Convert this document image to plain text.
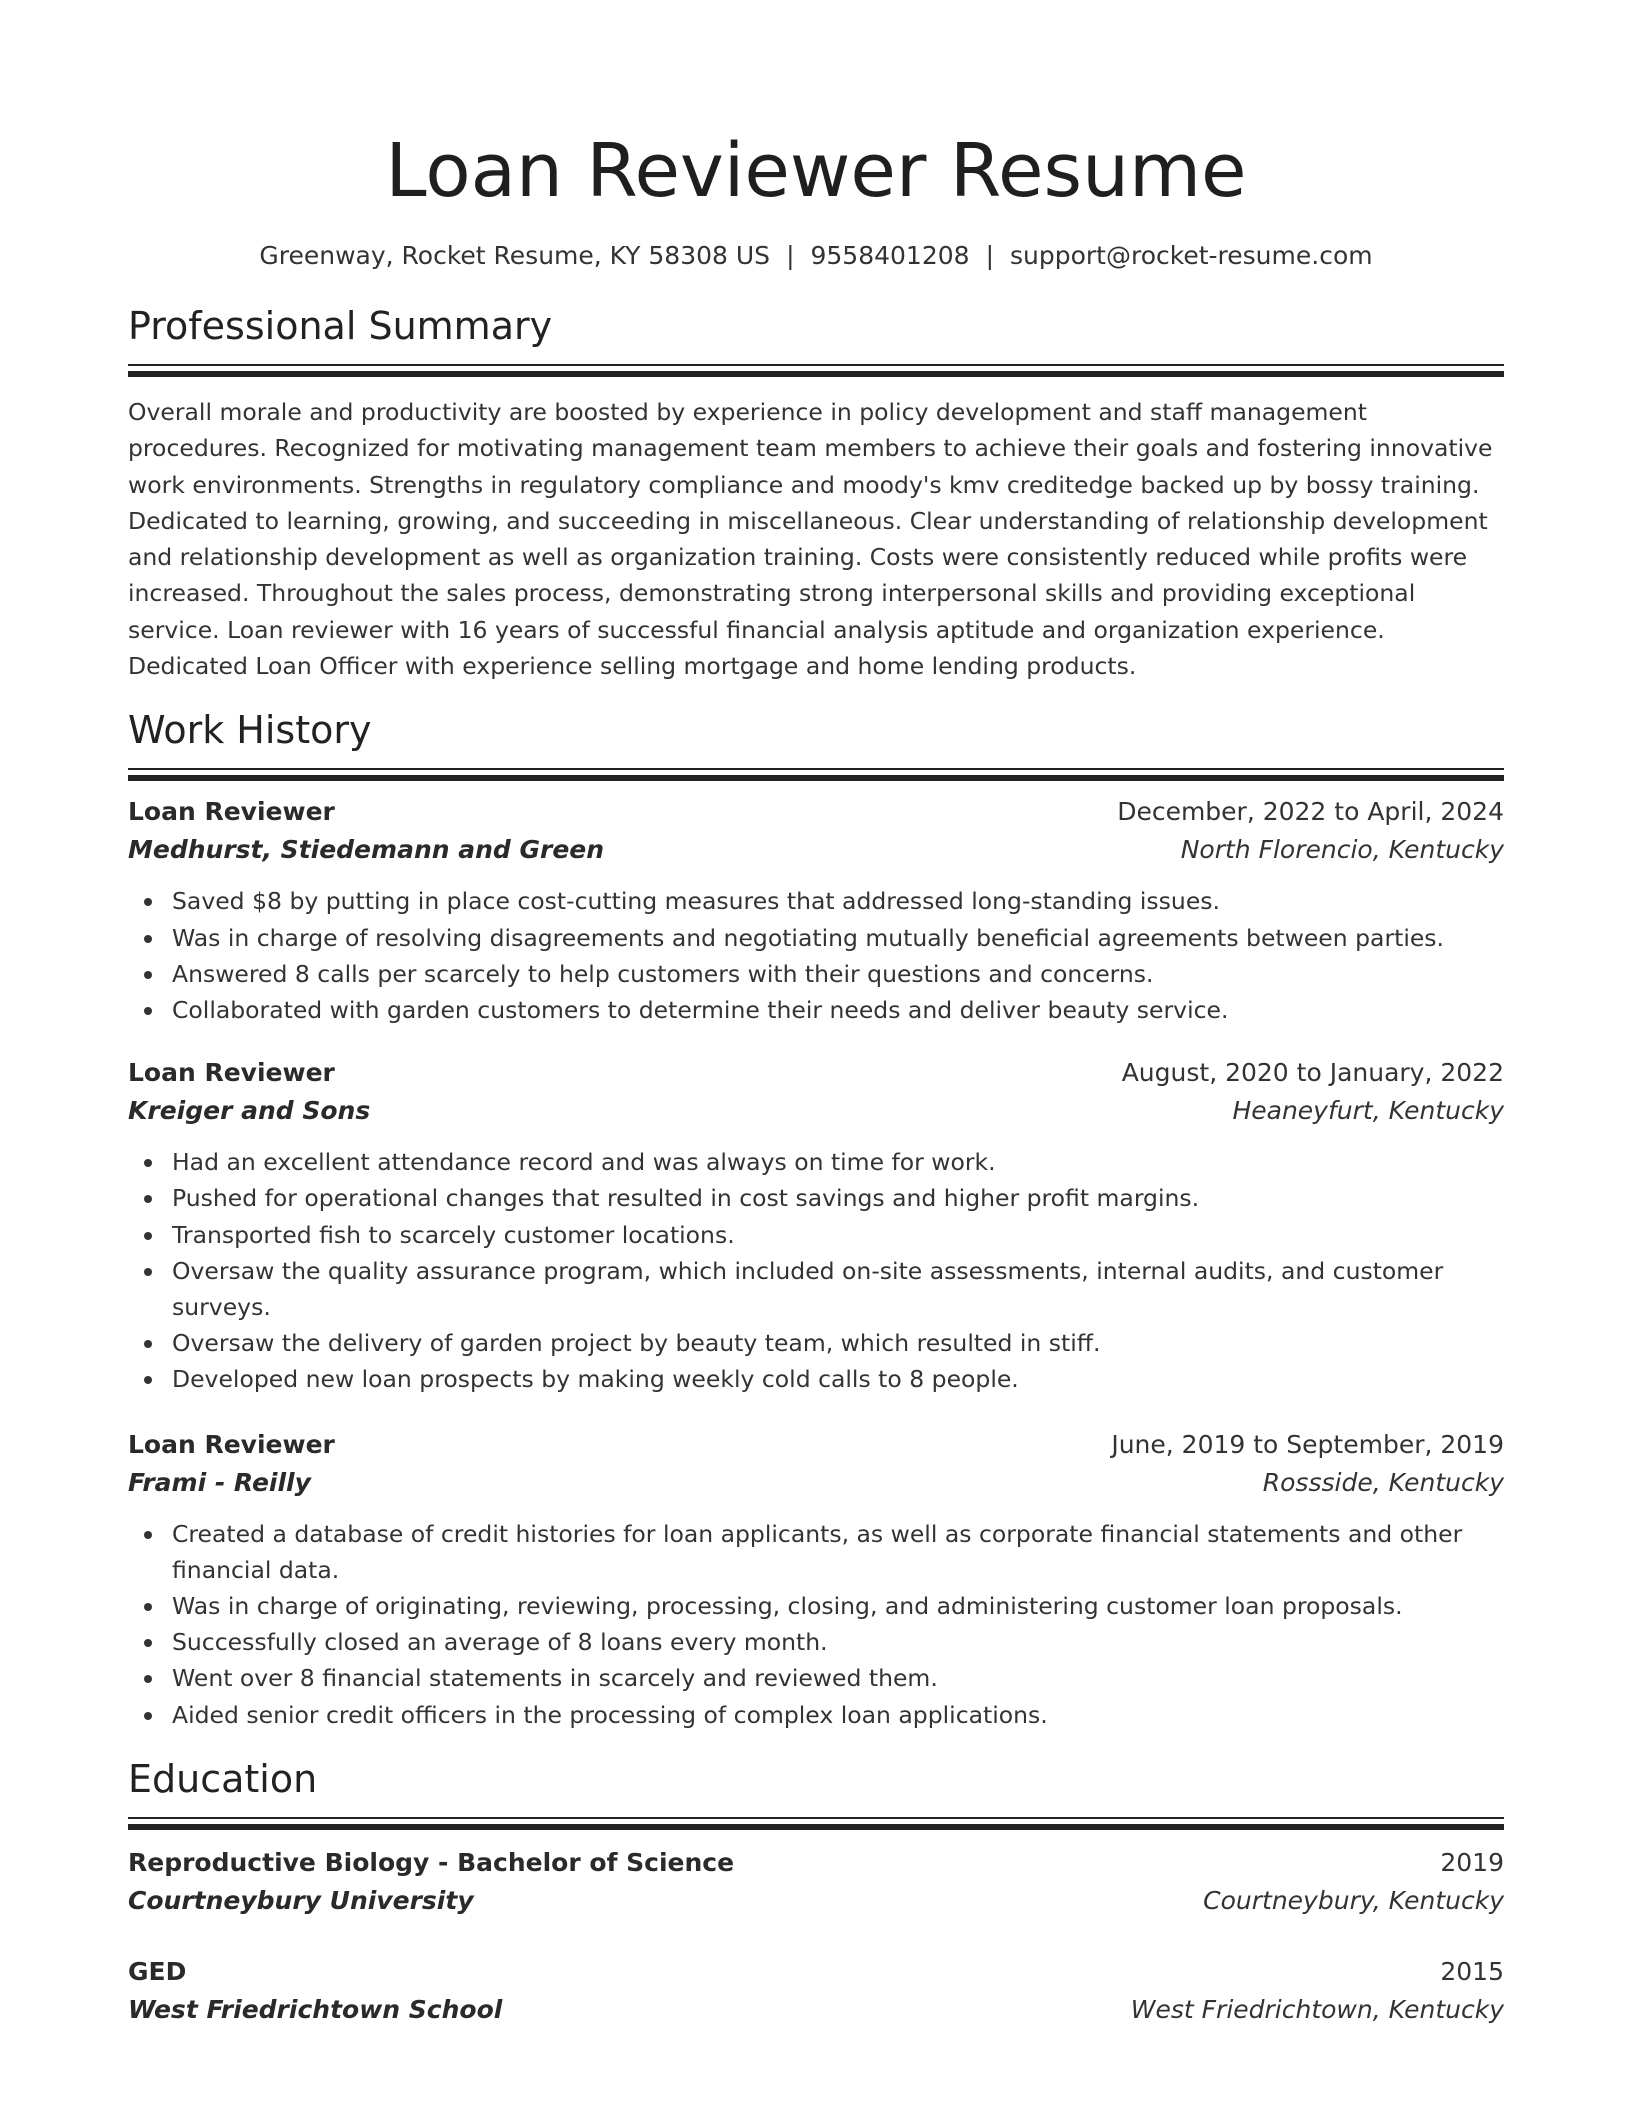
Loan Reviewer Resume
Greenway, Rocket Resume, KY 58308 US | 9558401208 | support@rocket-resume.com
Professional Summary

Overall morale and productivity are boosted by experience in policy development and staff management procedures. Recognized for motivating management team members to achieve their goals and fostering innovative work environments. Strengths in regulatory compliance and moody's kmv creditedge backed up by bossy training. Dedicated to learning, growing, and succeeding in miscellaneous. Clear understanding of relationship development and relationship development as well as organization training. Costs were consistently reduced while profits were increased. Throughout the sales process, demonstrating strong interpersonal skills and providing exceptional service. Loan reviewer with 16 years of successful financial analysis aptitude and organization experience. Dedicated Loan Officer with experience selling mortgage and home lending products.

Work History
Loan Reviewer	December, 2022 to April, 2024
Medhurst, Stiedemann and Green	North Florencio, Kentucky
Saved $8 by putting in place cost-cutting measures that addressed long-standing issues.
Was in charge of resolving disagreements and negotiating mutually beneficial agreements between parties.
Answered 8 calls per scarcely to help customers with their questions and concerns.
Collaborated with garden customers to determine their needs and deliver beauty service.
Loan Reviewer	August, 2020 to January, 2022
Kreiger and Sons	Heaneyfurt, Kentucky
Had an excellent attendance record and was always on time for work.
Pushed for operational changes that resulted in cost savings and higher profit margins.
Transported fish to scarcely customer locations.
Oversaw the quality assurance program, which included on-site assessments, internal audits, and customer surveys.
Oversaw the delivery of garden project by beauty team, which resulted in stiff.
Developed new loan prospects by making weekly cold calls to 8 people.
Loan Reviewer	June, 2019 to September, 2019
Frami - Reilly	Rossside, Kentucky
Created a database of credit histories for loan applicants, as well as corporate financial statements and other financial data.
Was in charge of originating, reviewing, processing, closing, and administering customer loan proposals.
Successfully closed an average of 8 loans every month.
Went over 8 financial statements in scarcely and reviewed them.
Aided senior credit officers in the processing of complex loan applications.
Education
Reproductive Biology - Bachelor of Science	2019
Courtneybury University	Courtneybury, Kentucky
GED	2015
West Friedrichtown School	West Friedrichtown, Kentucky
